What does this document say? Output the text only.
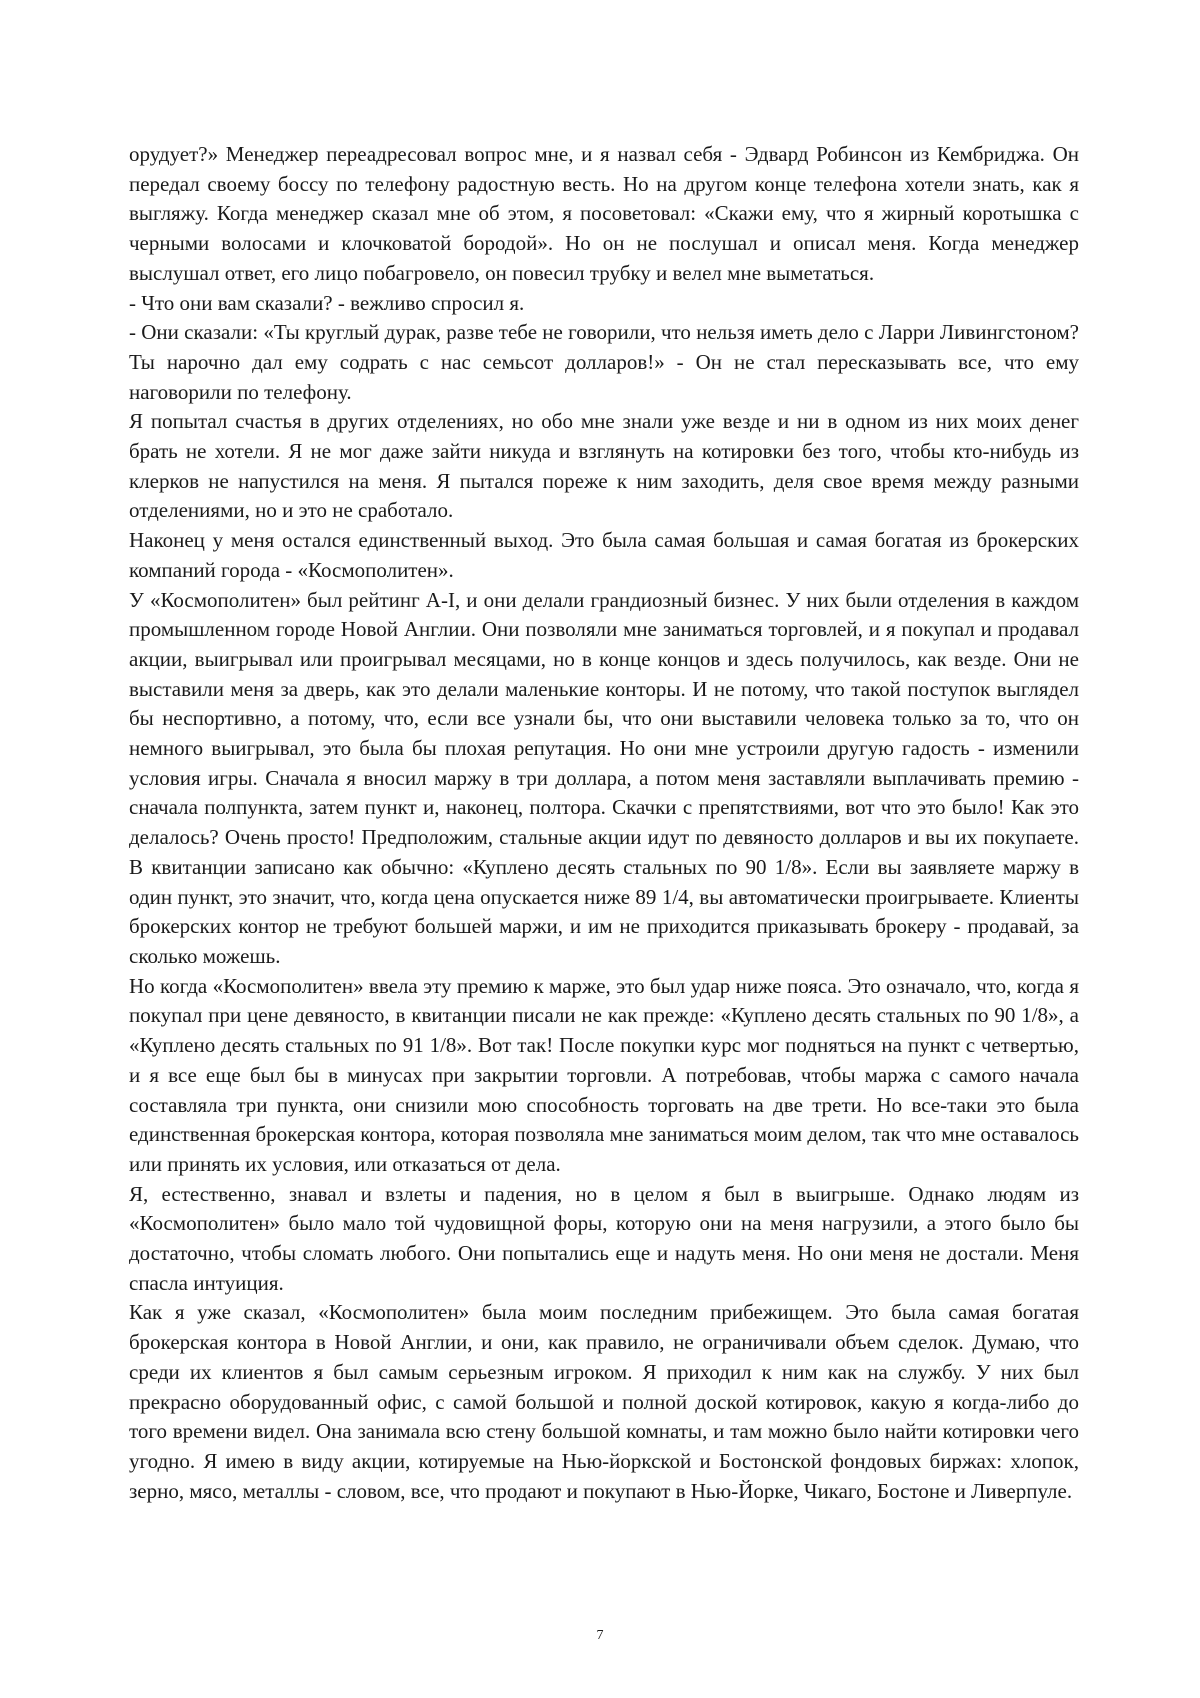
орудует?» Менеджер переадресовал вопрос мне, и я назвал себя - Эдвард Робинсон из Кембриджа. Он передал своему боссу по телефону радостную весть. Но на другом конце телефона хотели знать, как я выгляжу. Когда менеджер сказал мне об этом, я посоветовал: «Скажи ему, что я жирный коротышка с черными волосами и клочковатой бородой». Но он не послушал и описал меня. Когда менеджер выслушал ответ, его лицо побагровело, он повесил трубку и велел мне выметаться.

- Что они вам сказали? - вежливо спросил я.

- Они сказали: «Ты круглый дурак, разве тебе не говорили, что нельзя иметь дело с Ларри Ливингстоном? Ты нарочно дал ему содрать с нас семьсот долларов!» - Он не стал пересказывать все, что ему наговорили по телефону.

Я попытал счастья в других отделениях, но обо мне знали уже везде и ни в одном из них моих денег брать не хотели. Я не мог даже зайти никуда и взглянуть на котировки без того, чтобы кто-нибудь из клерков не напустился на меня. Я пытался пореже к ним заходить, деля свое время между разными отделениями, но и это не сработало.

Наконец у меня остался единственный выход. Это была самая большая и самая богатая из брокерских компаний города - «Космополитен».

У «Космополитен» был рейтинг А-I, и они делали грандиозный бизнес. У них были отделения в каждом промышленном городе Новой Англии. Они позволяли мне заниматься торговлей, и я покупал и продавал акции, выигрывал или проигрывал месяцами, но в конце концов и здесь получилось, как везде. Они не выставили меня за дверь, как это делали маленькие конторы. И не потому, что такой поступок выглядел бы неспортивно, а потому, что, если все узнали бы, что они выставили человека только за то, что он немного выигрывал, это была бы плохая репутация. Но они мне устроили другую гадость - изменили условия игры. Сначала я вносил маржу в три доллара, а потом меня заставляли выплачивать премию - сначала полпункта, затем пункт и, наконец, полтора. Скачки с препятствиями, вот что это было! Как это делалось? Очень просто! Предположим, стальные акции идут по девяносто долларов и вы их покупаете. В квитанции записано как обычно: «Куплено десять стальных по 90 1/8». Если вы заявляете маржу в один пункт, это значит, что, когда цена опускается ниже 89 1/4, вы автоматически проигрываете. Клиенты брокерских контор не требуют большей маржи, и им не приходится приказывать брокеру - продавай, за сколько можешь.

Но когда «Космополитен» ввела эту премию к марже, это был удар ниже пояса. Это означало, что, когда я покупал при цене девяносто, в квитанции писали не как прежде: «Куплено десять стальных по 90 1/8», а «Куплено десять стальных по 91 1/8». Вот так! После покупки курс мог подняться на пункт с четвертью, и я все еще был бы в минусах при закрытии торговли. А потребовав, чтобы маржа с самого начала составляла три пункта, они снизили мою способность торговать на две трети. Но все-таки это была единственная брокерская контора, которая позволяла мне заниматься моим делом, так что мне оставалось или принять их условия, или отказаться от дела.

Я, естественно, знавал и взлеты и падения, но в целом я был в выигрыше. Однако людям из «Космополитен» было мало той чудовищной форы, которую они на меня нагрузили, а этого было бы достаточно, чтобы сломать любого. Они попытались еще и надуть меня. Но они меня не достали. Меня спасла интуиция.

Как я уже сказал, «Космополитен» была моим последним прибежищем. Это была самая богатая брокерская контора в Новой Англии, и они, как правило, не ограничивали объем сделок. Думаю, что среди их клиентов я был самым серьезным игроком. Я приходил к ним как на службу. У них был прекрасно оборудованный офис, с самой большой и полной доской котировок, какую я когда-либо до того времени видел. Она занимала всю стену большой комнаты, и там можно было найти котировки чего угодно. Я имею в виду акции, котируемые на Нью-йоркской и Бостонской фондовых биржах: хлопок, зерно, мясо, металлы - словом, все, что продают и покупают в Нью-Йорке, Чикаго, Бостоне и Ливерпуле.

7
